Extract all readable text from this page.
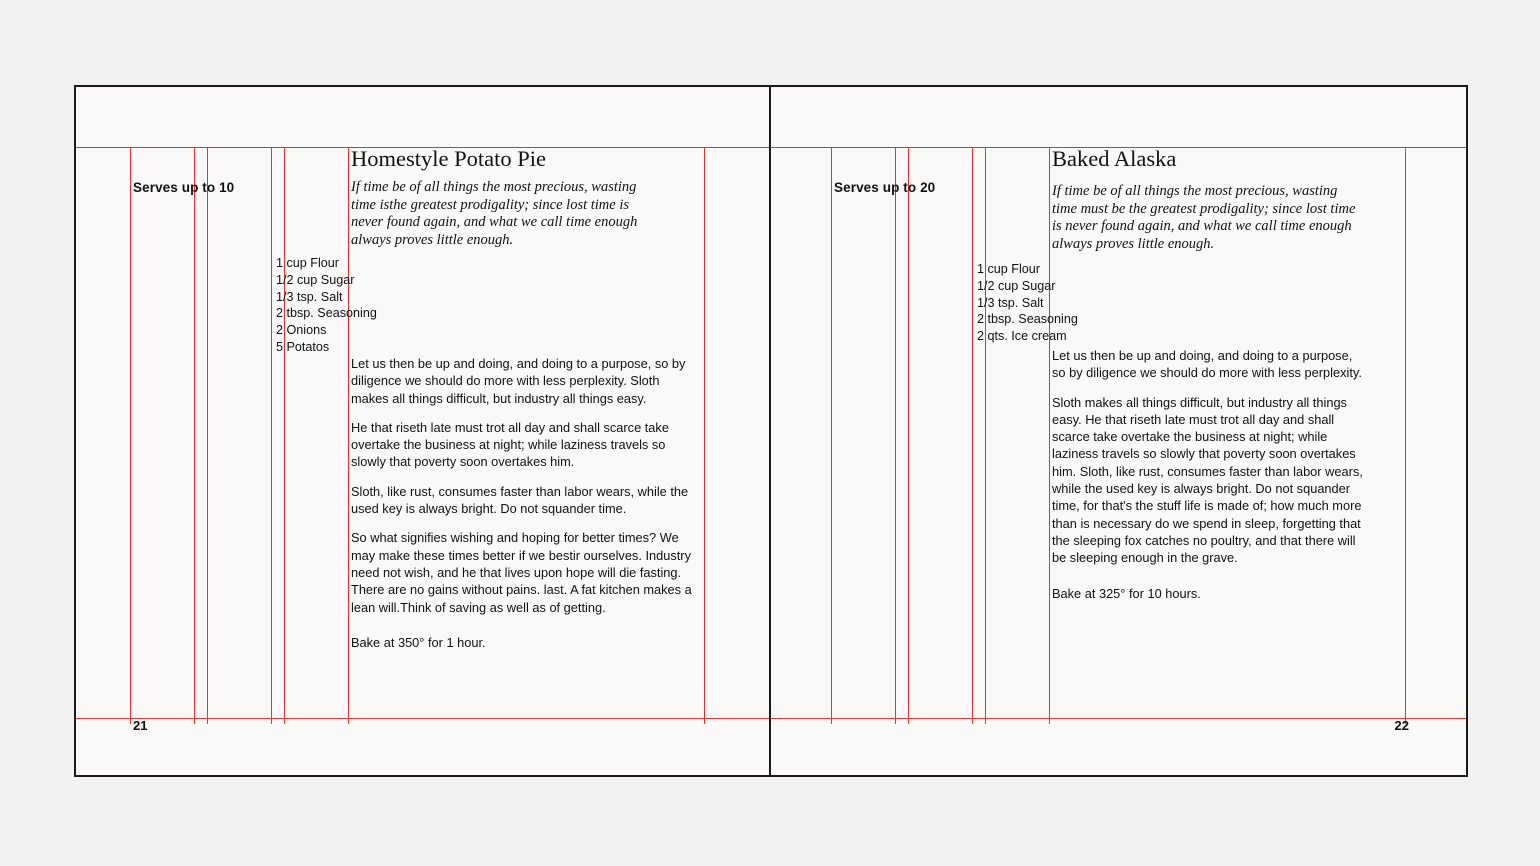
Serves up to 10
Homestyle Potato Pie
If time be of all things the most precious, wasting time isthe greatest prodigality; since lost time is never found again, and what we call time enough always proves little enough.
1 cup Flour
1/2 cup Sugar
1/3 tsp. Salt
2 tbsp. Seasoning
2 Onions
5 Potatos

Let us then be up and doing, and doing to a purpose, so by diligence we should do more with less perplexity. Sloth makes all things difficult, but industry all things easy.

He that riseth late must trot all day and shall scarce take overtake the business at night; while laziness travels so slowly that poverty soon overtakes him.

Sloth, like rust, consumes faster than labor wears, while the used key is always bright. Do not squander time.

So what signifies wishing and hoping for better times? We may make these times better if we bestir ourselves. Industry need not wish, and he that lives upon hope will die fasting. There are no gains without pains. last. A fat kitchen makes a lean will.Think of saving as well as of getting.

Bake at 350° for 1 hour.

21
Serves up to 20
Baked Alaska
If time be of all things the most precious, wasting time must be the greatest prodigality; since lost time is never found again, and what we call time enough always proves little enough.
1 cup Flour
1/2 cup Sugar
1/3 tsp. Salt
2 tbsp. Seasoning
2 qts. Ice cream

Let us then be up and doing, and doing to a purpose, so by diligence we should do more with less perplexity.

Sloth makes all things difficult, but industry all things easy. He that riseth late must trot all day and shall scarce take overtake the business at night; while laziness travels so slowly that poverty soon overtakes him. Sloth, like rust, consumes faster than labor wears, while the used key is always bright. Do not squander time, for that's the stuff life is made of; how much more than is necessary do we spend in sleep, forgetting that the sleeping fox catches no poultry, and that there will be sleeping enough in the grave.

Bake at 325° for 10 hours.

22
